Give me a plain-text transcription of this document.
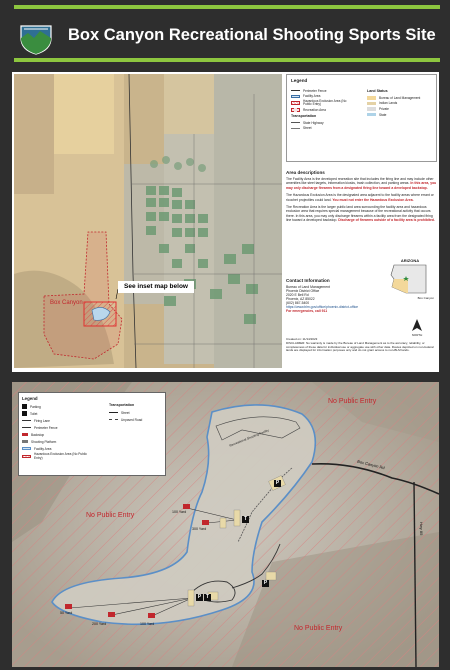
Box Canyon Recreational Shooting Sports Site
See inset map below
Box Canyon
Legend
Perimeter Fence
Facility Area
Hazardous Exclusion Area (No Public Entry)
Recreation Area
Transportation
State Highway
Street
Land Status
Bureau of Land Management
Indian Lands
Private
State
Area descriptions

The Facility Area is the developed recreation site that includes the firing line and may include other amenities like steel targets, information kiosks, trash collection, and parking areas. In this area, you may only discharge firearms from a designated firing line toward a developed backstop.

The Hazardous Exclusion Area is the designated area adjacent to the facility areas where errant or ricochet projectiles could land. You must not enter the Hazardous Exclusion Area.

The Recreation Area is the larger public land area surrounding the facility area and hazardous exclusion area that requires special management because of the recreational activity that occurs there. In this area, you may only discharge firearms within a facility area from the designated firing line toward a developed backstop. Discharge of firearms outside of a facility area is prohibited.

Contact Information
Bureau of Land Management
Phoenix District Office
2020 E Bell Rd
Phoenix, AZ 85022
(602) 867-5400
https://www.blm.gov/office/phoenix-district-office
For emergencies, call 911
ARIZONA
Box Canyon
NORTH
Created on: 11/14/2023
DISCLAIMER: No warranty is made by the Bureau of Land Management as to the accuracy, reliability, or completeness of these data for individual use or aggregate use with other data. Routes depicted on non-federal lands are displayed for information purposes only and do not grant access to non-BLM lands.
P
T
P
P T
100 Yard
300 Yard
50 Yard
200 Yard	100 Yard
No Public Entry
No Public Entry
No Public Entry
Recreational Shooting Facility
Hwy 85
Box Canyon Rd
Legend
Parking
Toilet
Firing Lane
Perimeter Fence
Backstop
Shooting Platform
Facility Area
Hazardous Exclusion Area (No Public Entry)
Transportation
Street
Unpaved Road
